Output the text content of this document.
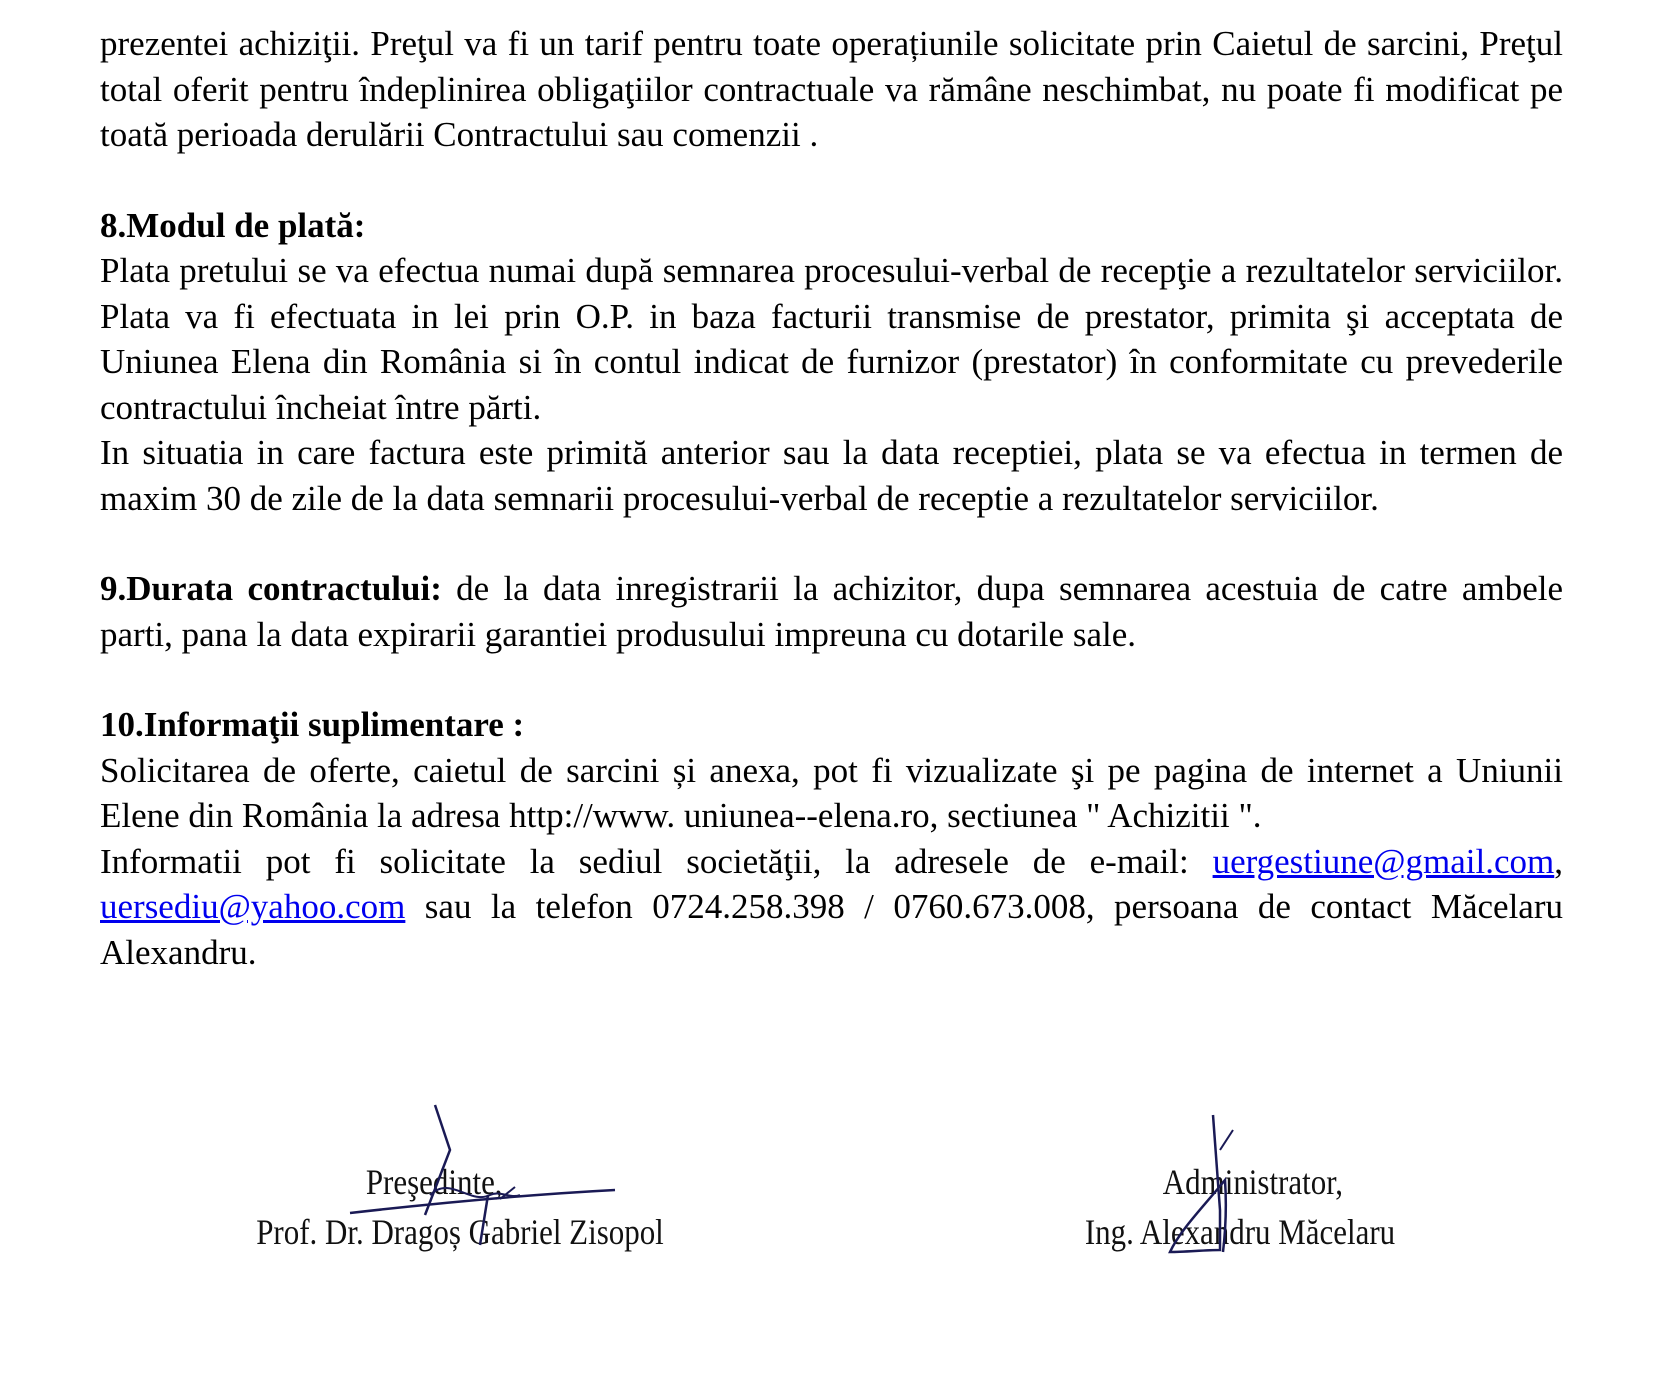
prezentei achiziţii. Preţul va fi un tarif pentru toate operațiunile solicitate prin Caietul de sarcini, Preţul total oferit pentru îndeplinirea obligaţiilor contractuale va rămâne neschimbat, nu poate fi modificat pe toată perioada derulării Contractului sau comenzii .

8.Modul de plată:

Plata pretului se va efectua numai după semnarea procesului-verbal de recepţie a rezultatelor serviciilor. Plata va fi efectuata in lei prin O.P. in baza facturii transmise de prestator, primita şi acceptata de Uniunea Elena din România si în contul indicat de furnizor (prestator) în conformitate cu prevederile contractului încheiat între părti.

In situatia in care factura este primită anterior sau la data receptiei, plata se va efectua in termen de maxim 30 de zile de la data semnarii procesului-verbal de receptie a rezultatelor serviciilor.

9.Durata contractului: de la data inregistrarii la achizitor, dupa semnarea acestuia de catre ambele parti, pana la data expirarii garantiei produsului impreuna cu dotarile sale.

10.Informaţii suplimentare :

Solicitarea de oferte, caietul de sarcini și anexa, pot fi vizualizate şi pe pagina de internet a Uniunii Elene din România la adresa http://www. uniunea--elena.ro, sectiunea " Achizitii ".

Informatii pot fi solicitate la sediul societăţii, la adresele de e-mail: uergestiune@gmail.com, uersediu@yahoo.com sau la telefon 0724.258.398 / 0760.673.008, persoana de contact Măcelaru Alexandru.

Preşedinte,
Prof. Dr. Dragoș Gabriel Zisopol
Administrator,
Ing. Alexandru Măcelaru
